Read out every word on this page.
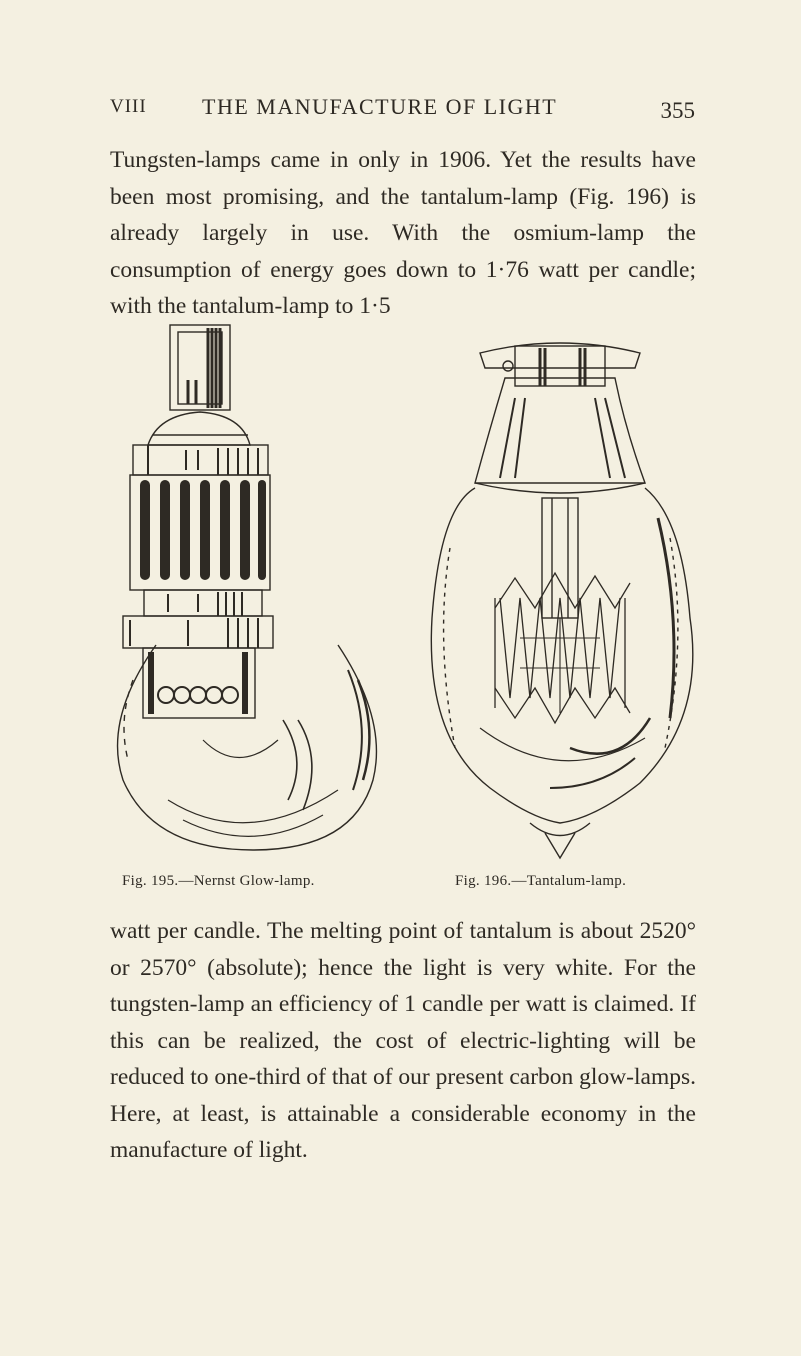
VIII	THE MANUFACTURE OF LIGHT	355

Tungsten-lamps came in only in 1906. Yet the results have been most promising, and the tantalum-lamp (Fig. 196) is already largely in use. With the osmium-lamp the consumption of energy goes down to 1·76 watt per candle; with the tantalum-lamp to 1·5

Fig. 195.—Nernst Glow-lamp.	Fig. 196.—Tantalum-lamp.

watt per candle. The melting point of tantalum is about 2520° or 2570° (absolute); hence the light is very white. For the tungsten-lamp an efficiency of 1 candle per watt is claimed. If this can be realized, the cost of electric-lighting will be reduced to one-third of that of our present carbon glow-lamps. Here, at least, is attainable a considerable economy in the manufacture of light.
